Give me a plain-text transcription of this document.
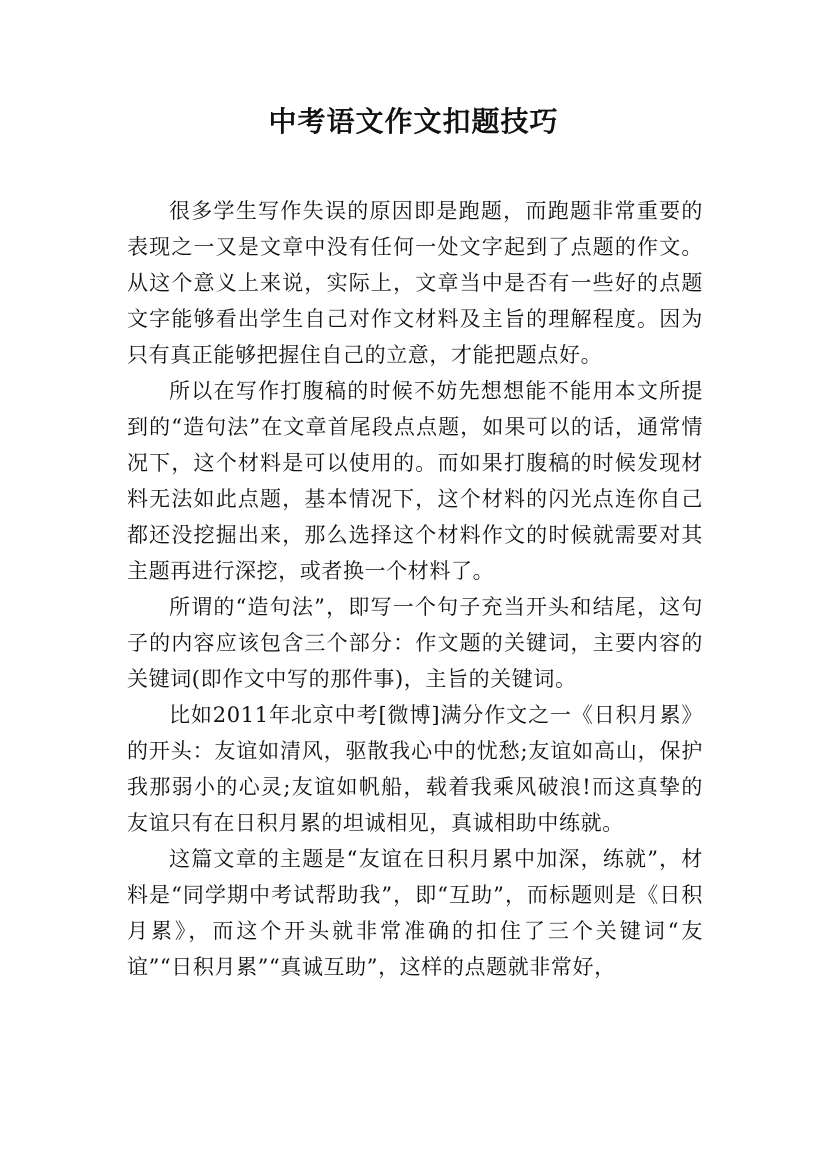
中考语文作文扣题技巧

很多学生写作失误的原因即是跑题，而跑题非常重要的表现之一又是文章中没有任何一处文字起到了点题的作文。从这个意义上来说，实际上，文章当中是否有一些好的点题文字能够看出学生自己对作文材料及主旨的理解程度。因为只有真正能够把握住自己的立意，才能把题点好。

所以在写作打腹稿的时候不妨先想想能不能用本文所提到的“造句法”在文章首尾段点点题，如果可以的话，通常情况下，这个材料是可以使用的。而如果打腹稿的时候发现材料无法如此点题，基本情况下，这个材料的闪光点连你自己都还没挖掘出来，那么选择这个材料作文的时候就需要对其主题再进行深挖，或者换一个材料了。

所谓的“造句法”，即写一个句子充当开头和结尾，这句子的内容应该包含三个部分：作文题的关键词，主要内容的关键词(即作文中写的那件事)，主旨的关键词。

比如2011年北京中考[微博]满分作文之一《日积月累》的开头：友谊如清风，驱散我心中的忧愁;友谊如高山，保护我那弱小的心灵;友谊如帆船，载着我乘风破浪!而这真挚的友谊只有在日积月累的坦诚相见，真诚相助中练就。

这篇文章的主题是“友谊在日积月累中加深，练就”，材料是“同学期中考试帮助我”，即“互助”，而标题则是《日积月累》，而这个开头就非常准确的扣住了三个关键词“友谊”“日积月累”“真诚互助”，这样的点题就非常好，
